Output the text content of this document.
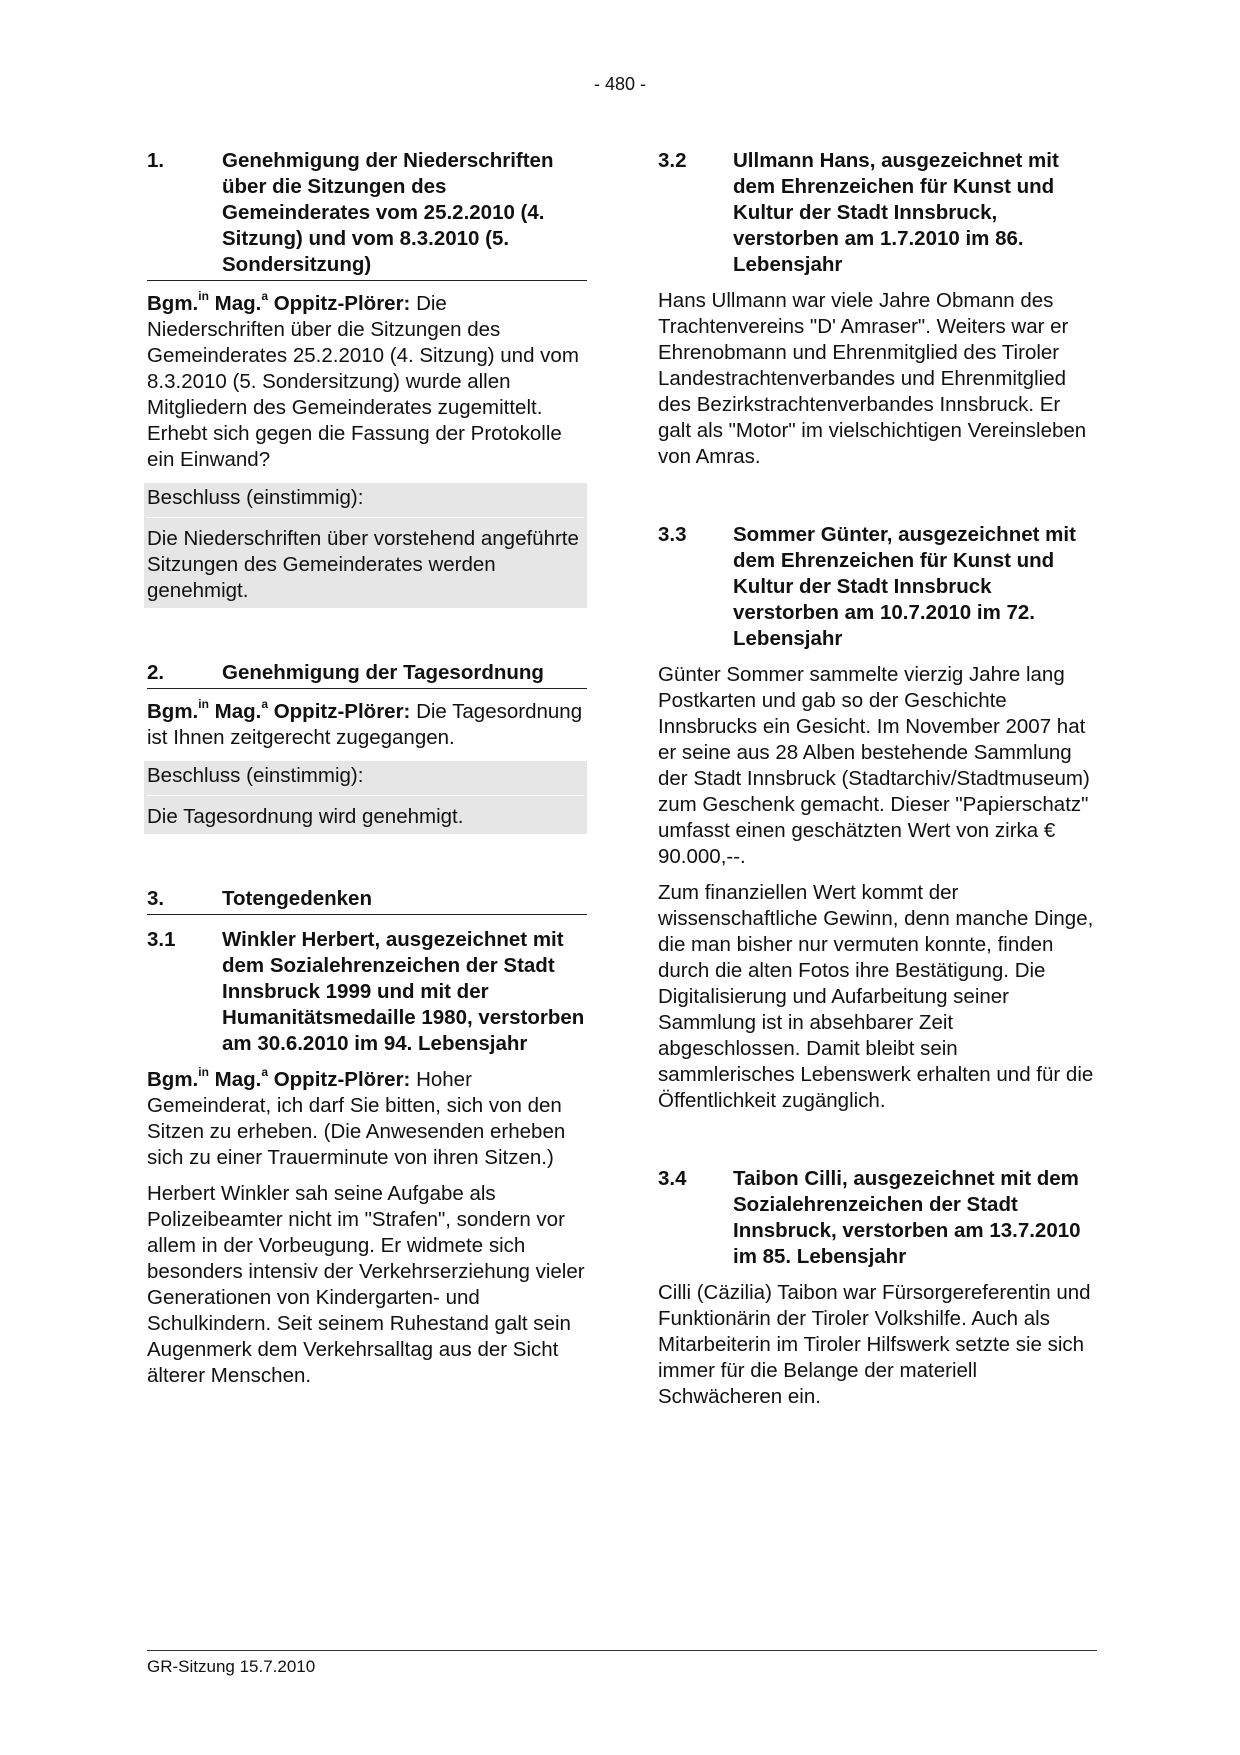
- 480 -
1.	Genehmigung der Niederschriften über die Sitzungen des Gemeinderates vom 25.2.2010 (4. Sitzung) und vom 8.3.2010 (5. Sondersitzung)
Bgm.$^{in}$ Mag.$^a$ Oppitz-Plörer: Die Niederschriften über die Sitzungen des Gemeinderates 25.2.2010 (4. Sitzung) und vom 8.3.2010 (5. Sondersitzung) wurde allen Mitgliedern des Gemeinderates zugemittelt. Erhebt sich gegen die Fassung der Protokolle ein Einwand?
Beschluss (einstimmig):
Die Niederschriften über vorstehend angeführte Sitzungen des Gemeinderates werden genehmigt.
2.	Genehmigung der Tagesordnung
Bgm.$^{in}$ Mag.$^a$ Oppitz-Plörer: Die Tagesordnung ist Ihnen zeitgerecht zugegangen.
Beschluss (einstimmig):
Die Tagesordnung wird genehmigt.
3.	Totengedenken
3.1	Winkler Herbert, ausgezeichnet mit dem Sozialehrenzeichen der Stadt Innsbruck 1999 und mit der Humanitätsmedaille 1980, verstorben am 30.6.2010 im 94. Lebensjahr
Bgm.$^{in}$ Mag.$^a$ Oppitz-Plörer: Hoher Gemeinderat, ich darf Sie bitten, sich von den Sitzen zu erheben. (Die Anwesenden erheben sich zu einer Trauerminute von ihren Sitzen.)
Herbert Winkler sah seine Aufgabe als Polizeibeamter nicht im "Strafen", sondern vor allem in der Vorbeugung. Er widmete sich besonders intensiv der Verkehrserziehung vieler Generationen von Kindergarten- und Schulkindern. Seit seinem Ruhestand galt sein Augenmerk dem Verkehrsalltag aus der Sicht älterer Menschen.
3.2	Ullmann Hans, ausgezeichnet mit dem Ehrenzeichen für Kunst und Kultur der Stadt Innsbruck, verstorben am 1.7.2010 im 86. Lebensjahr
Hans Ullmann war viele Jahre Obmann des Trachtenvereins "D' Amraser". Weiters war er Ehrenobmann und Ehrenmitglied des Tiroler Landestrachtenverbandes und Ehrenmitglied des Bezirkstrachtenverbandes Innsbruck. Er galt als "Motor" im vielschichtigen Vereinsleben von Amras.
3.3	Sommer Günter, ausgezeichnet mit dem Ehrenzeichen für Kunst und Kultur der Stadt Innsbruck verstorben am 10.7.2010 im 72. Lebensjahr
Günter Sommer sammelte vierzig Jahre lang Postkarten und gab so der Geschichte Innsbrucks ein Gesicht. Im November 2007 hat er seine aus 28 Alben bestehende Sammlung der Stadt Innsbruck (Stadtarchiv/Stadtmuseum) zum Geschenk gemacht. Dieser "Papierschatz" umfasst einen geschätzten Wert von zirka € 90.000,--.
Zum finanziellen Wert kommt der wissenschaftliche Gewinn, denn manche Dinge, die man bisher nur vermuten konnte, finden durch die alten Fotos ihre Bestätigung. Die Digitalisierung und Aufarbeitung seiner Sammlung ist in absehbarer Zeit abgeschlossen. Damit bleibt sein sammlerisches Lebenswerk erhalten und für die Öffentlichkeit zugänglich.
3.4	Taibon Cilli, ausgezeichnet mit dem Sozialehrenzeichen der Stadt Innsbruck, verstorben am 13.7.2010 im 85. Lebensjahr
Cilli (Cäzilia) Taibon war Fürsorgereferentin und Funktionärin der Tiroler Volkshilfe. Auch als Mitarbeiterin im Tiroler Hilfswerk setzte sie sich immer für die Belange der materiell Schwächeren ein.
GR-Sitzung 15.7.2010
